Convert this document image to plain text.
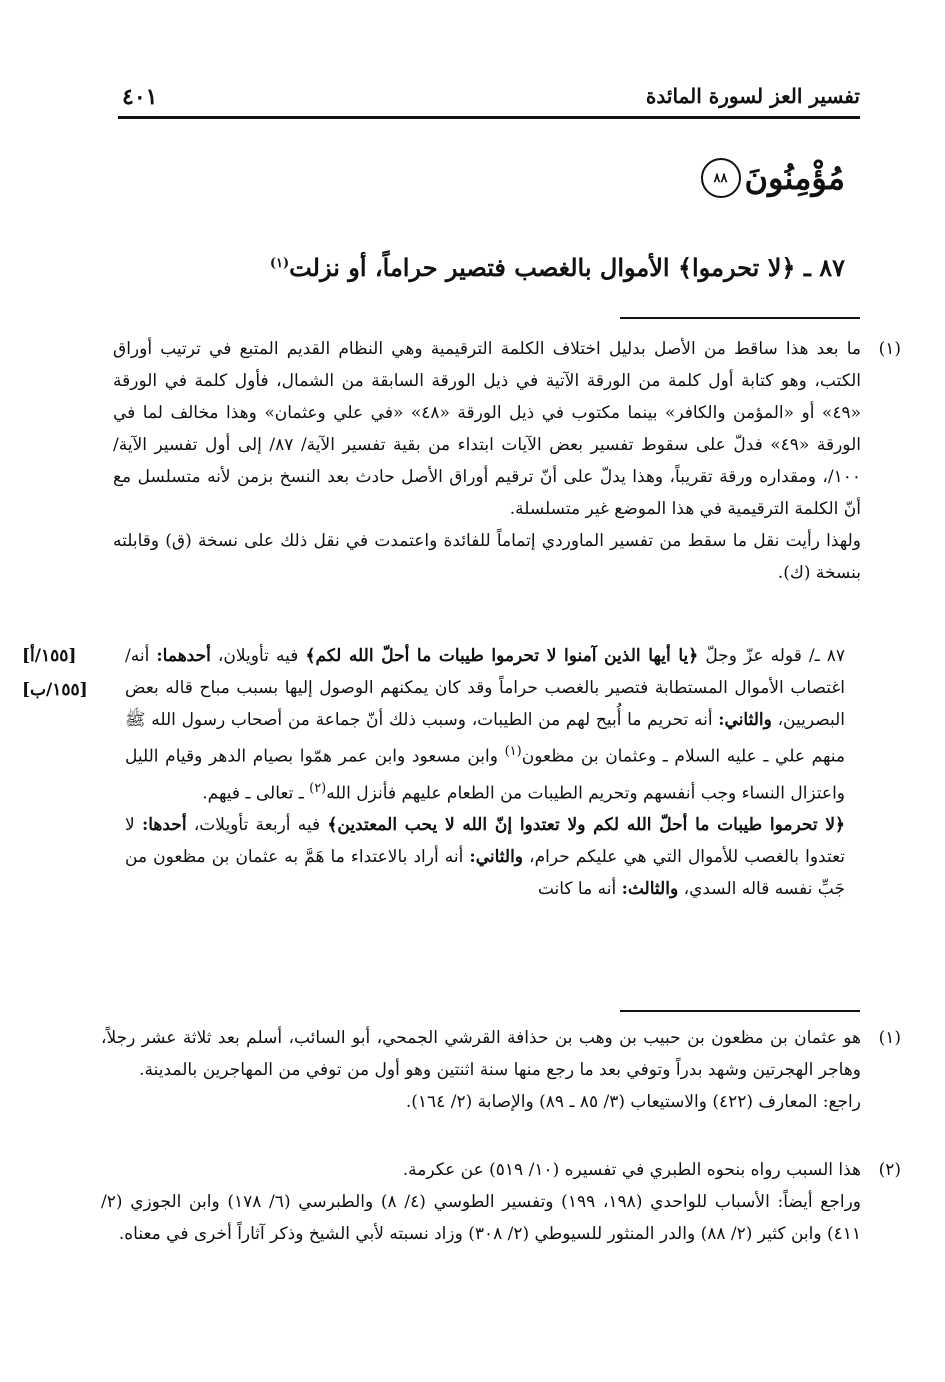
تفسير العز لسورة المائدة
٤٠١
مُؤْمِنُونَ
٨٨
٨٧ ـ ﴿لا تحرموا﴾ الأموال بالغصب فتصير حراماً، أو نزلت$^{(١)}$
(١)

ما بعد هذا ساقط من الأصل بدليل اختلاف الكلمة الترقيمية وهي النظام القديم المتبع في ترتيب أوراق الكتب، وهو كتابة أول كلمة من الورقة الآتية في ذيل الورقة السابقة من الشمال، فأول كلمة في الورقة «٤٩» أو «المؤمن والكافر» بينما مكتوب في ذيل الورقة «٤٨» «في علي وعثمان» وهذا مخالف لما في الورقة «٤٩» فدلّ على سقوط تفسير بعض الآيات ابتداء من بقية تفسير الآية/ ٨٧/ إلى أول تفسير الآية/ ١٠٠/، ومقداره ورقة تقريباً، وهذا يدلّ على أنّ ترقيم أوراق الأصل حادث بعد النسخ بزمن لأنه متسلسل مع أنّ الكلمة الترقيمية في هذا الموضع غير متسلسلة.

ولهذا رأيت نقل ما سقط من تفسير الماوردي إتماماً للفائدة واعتمدت في نقل ذلك على نسخة (ق) وقابلته بنسخة (ك).

[١٥٥/أ]
[١٥٥/ب]

٨٧ ـ/ قوله عزّ وجلّ ﴿يا أيها الذين آمنوا لا تحرموا طيبات ما أحلّ الله لكم﴾ فيه تأويلان، أحدهما: أنه/ اغتصاب الأموال المستطابة فتصير بالغصب حراماً وقد كان يمكنهم الوصول إليها بسبب مباح قاله بعض البصريين، والثاني: أنه تحريم ما أُبيح لهم من الطيبات، وسبب ذلك أنّ جماعة من أصحاب رسول الله ﷺ منهم علي ـ عليه السلام ـ وعثمان بن مظعون$^{(١)}$ وابن مسعود وابن عمر همّوا بصيام الدهر وقيام الليل واعتزال النساء وجب أنفسهم وتحريم الطيبات من الطعام عليهم فأنزل الله$^{(٢)}$ ـ تعالى ـ فيهم.

﴿لا تحرموا طيبات ما أحلّ الله لكم ولا تعتدوا إنّ الله لا يحب المعتدين﴾ فيه أربعة تأويلات، أحدها: لا تعتدوا بالغصب للأموال التي هي عليكم حرام، والثاني: أنه أراد بالاعتداء ما هَمَّ به عثمان بن مظعون من جَبِّ نفسه قاله السدي، والثالث: أنه ما كانت

(١)

هو عثمان بن مظعون بن حبيب بن وهب بن حذافة القرشي الجمحي، أبو السائب، أسلم بعد ثلاثة عشر رجلاً، وهاجر الهجرتين وشهد بدراً وتوفي بعد ما رجع منها سنة اثنتين وهو أول من توفي من المهاجرين بالمدينة.

راجع: المعارف (٤٢٢) والاستيعاب (٣/ ٨٥ ـ ٨٩) والإصابة (٢/ ١٦٤).

(٢)

هذا السبب رواه بنحوه الطبري في تفسيره (١٠/ ٥١٩) عن عكرمة.

وراجع أيضاً: الأسباب للواحدي (١٩٨، ١٩٩) وتفسير الطوسي (٤/ ٨) والطبرسي (٦/ ١٧٨) وابن الجوزي (٢/ ٤١١) وابن كثير (٢/ ٨٨) والدر المنثور للسيوطي (٢/ ٣٠٨) وزاد نسبته لأبي الشيخ وذكر آثاراً أخرى في معناه.
